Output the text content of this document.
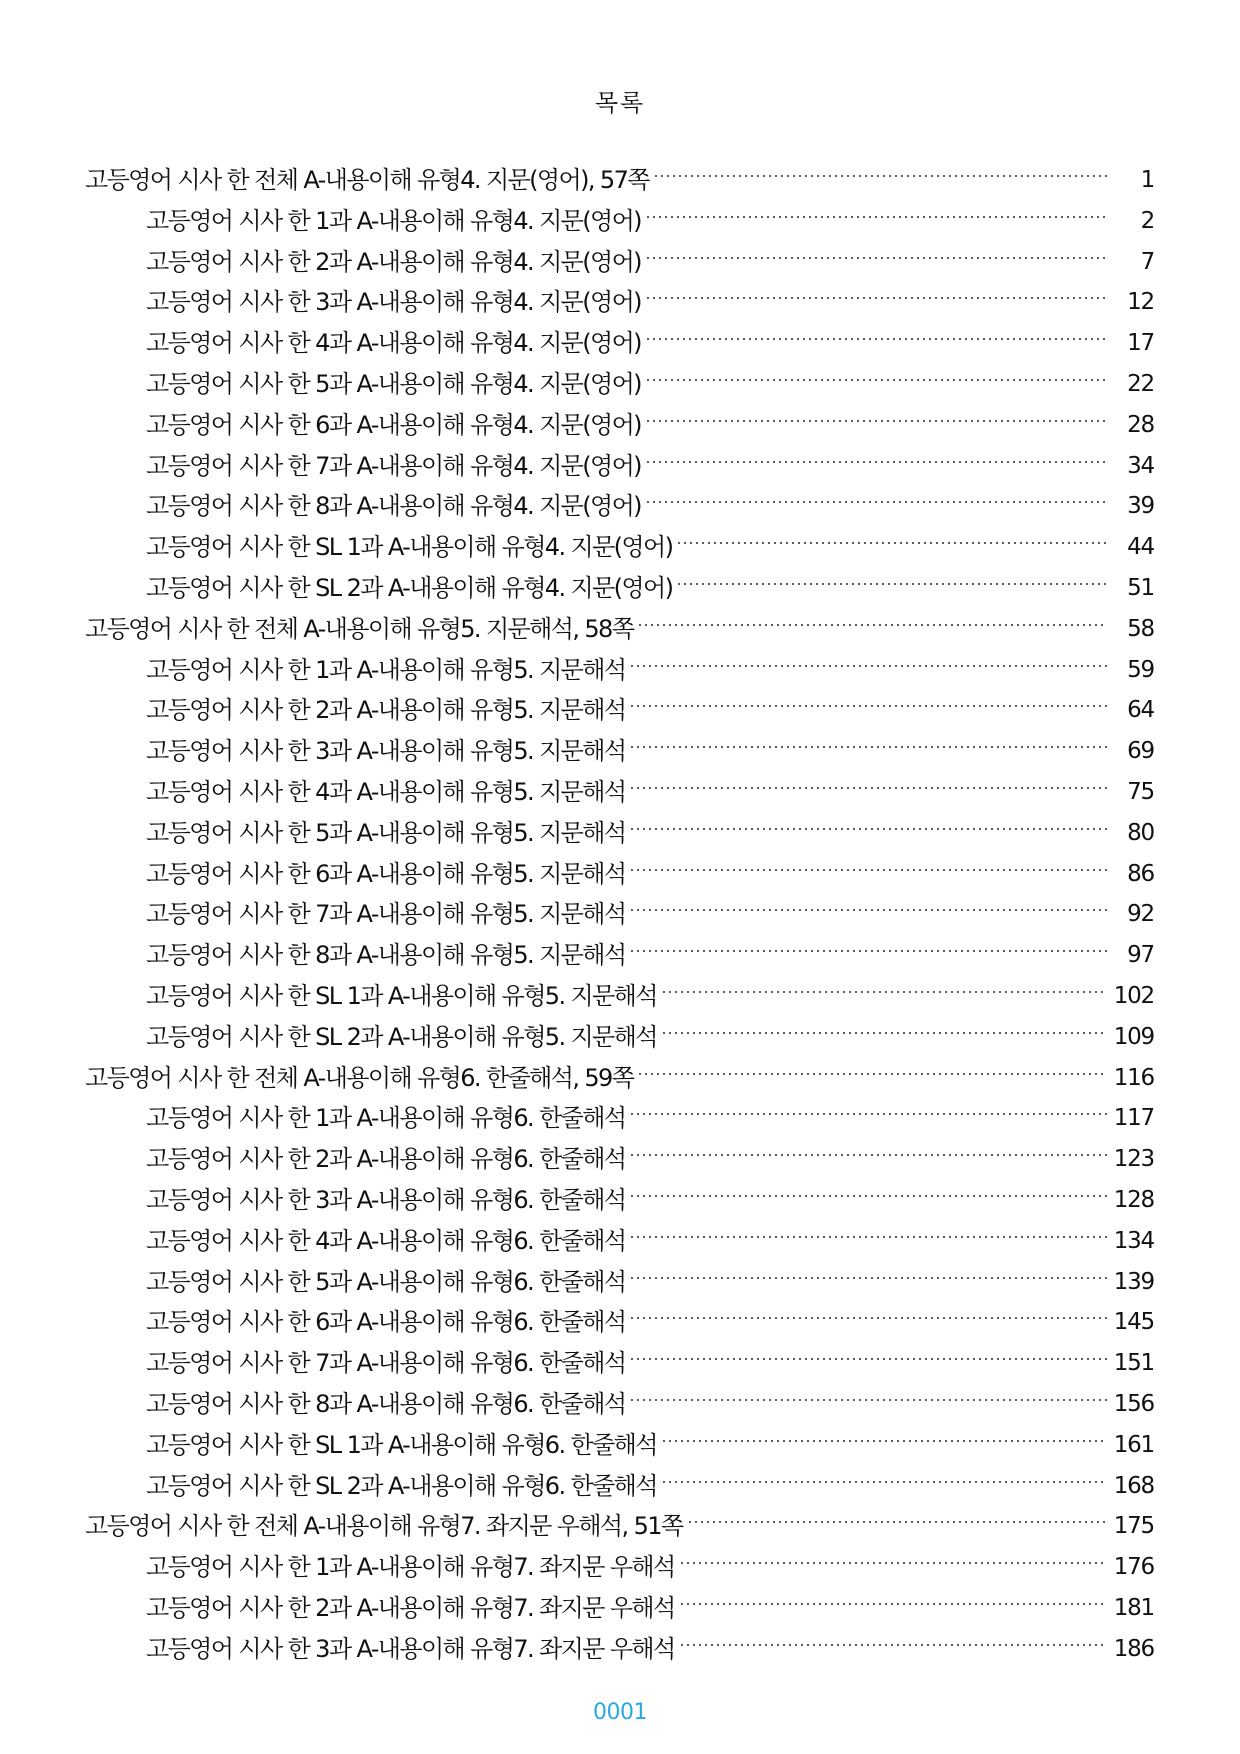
목록
고등영어 시사 한 전체 A-내용이해 유형4. 지문(영어), 57쪽	1
고등영어 시사 한 1과 A-내용이해 유형4. 지문(영어)	2
고등영어 시사 한 2과 A-내용이해 유형4. 지문(영어)	7
고등영어 시사 한 3과 A-내용이해 유형4. 지문(영어)	12
고등영어 시사 한 4과 A-내용이해 유형4. 지문(영어)	17
고등영어 시사 한 5과 A-내용이해 유형4. 지문(영어)	22
고등영어 시사 한 6과 A-내용이해 유형4. 지문(영어)	28
고등영어 시사 한 7과 A-내용이해 유형4. 지문(영어)	34
고등영어 시사 한 8과 A-내용이해 유형4. 지문(영어)	39
고등영어 시사 한 SL 1과 A-내용이해 유형4. 지문(영어)	44
고등영어 시사 한 SL 2과 A-내용이해 유형4. 지문(영어)	51
고등영어 시사 한 전체 A-내용이해 유형5. 지문해석, 58쪽	58
고등영어 시사 한 1과 A-내용이해 유형5. 지문해석	59
고등영어 시사 한 2과 A-내용이해 유형5. 지문해석	64
고등영어 시사 한 3과 A-내용이해 유형5. 지문해석	69
고등영어 시사 한 4과 A-내용이해 유형5. 지문해석	75
고등영어 시사 한 5과 A-내용이해 유형5. 지문해석	80
고등영어 시사 한 6과 A-내용이해 유형5. 지문해석	86
고등영어 시사 한 7과 A-내용이해 유형5. 지문해석	92
고등영어 시사 한 8과 A-내용이해 유형5. 지문해석	97
고등영어 시사 한 SL 1과 A-내용이해 유형5. 지문해석	102
고등영어 시사 한 SL 2과 A-내용이해 유형5. 지문해석	109
고등영어 시사 한 전체 A-내용이해 유형6. 한줄해석, 59쪽	116
고등영어 시사 한 1과 A-내용이해 유형6. 한줄해석	117
고등영어 시사 한 2과 A-내용이해 유형6. 한줄해석	123
고등영어 시사 한 3과 A-내용이해 유형6. 한줄해석	128
고등영어 시사 한 4과 A-내용이해 유형6. 한줄해석	134
고등영어 시사 한 5과 A-내용이해 유형6. 한줄해석	139
고등영어 시사 한 6과 A-내용이해 유형6. 한줄해석	145
고등영어 시사 한 7과 A-내용이해 유형6. 한줄해석	151
고등영어 시사 한 8과 A-내용이해 유형6. 한줄해석	156
고등영어 시사 한 SL 1과 A-내용이해 유형6. 한줄해석	161
고등영어 시사 한 SL 2과 A-내용이해 유형6. 한줄해석	168
고등영어 시사 한 전체 A-내용이해 유형7. 좌지문 우해석, 51쪽	175
고등영어 시사 한 1과 A-내용이해 유형7. 좌지문 우해석	176
고등영어 시사 한 2과 A-내용이해 유형7. 좌지문 우해석	181
고등영어 시사 한 3과 A-내용이해 유형7. 좌지문 우해석	186
0001
